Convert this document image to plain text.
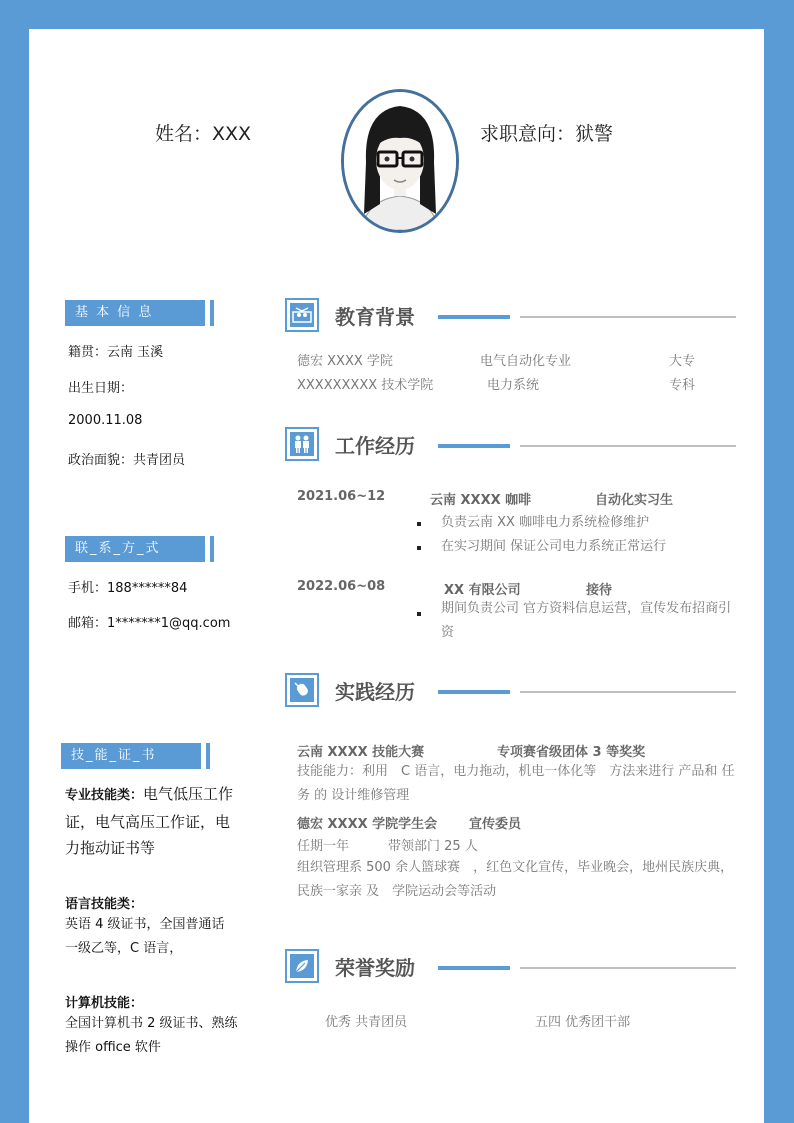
姓名：XXX	求职意向：狱警
基 本 信 息
籍贯：云南 玉溪
出生日期：
2000.11.08
政治面貌：共青团员
联_系_方_式
手机：188******84
邮箱：1*******1@qq.com
技_能_证_书
专业技能类：电气低压工作证，电气高压工作证，电力拖动证书等
语言技能类：
英语 4 级证书，全国普通话一级乙等，C 语言，
计算机技能：
全国计算机书 2 级证书、熟练操作 office 软件
教育背景
德宏 XXXX 学院	电气自动化专业	大专
XXXXXXXXX 技术学院	电力系统	专科
工作经历
2021.06~12	云南 XXXX 咖啡	自动化实习生
负责云南 XX 咖啡电力系统检修维护
在实习期间 保证公司电力系统正常运行
2022.06~08	XX 有限公司	接待
期间负责公司 官方资料信息运营，宣传发布招商引资
实践经历
云南 XXXX 技能大赛	专项赛省级团体 3 等奖奖
技能能力：利用　C 语言，电力拖动，机电一体化等　方法来进行 产品和 任务 的 设计维修管理
德宏 XXXX 学院学生会 宣传委员
任期一年	带领部门 25 人
组织管理系 500 余人篮球赛　，红色文化宣传，毕业晚会，地州民族庆典，民族一家亲 及　学院运动会等活动
荣誉奖励
优秀 共青团员	五四 优秀团干部
